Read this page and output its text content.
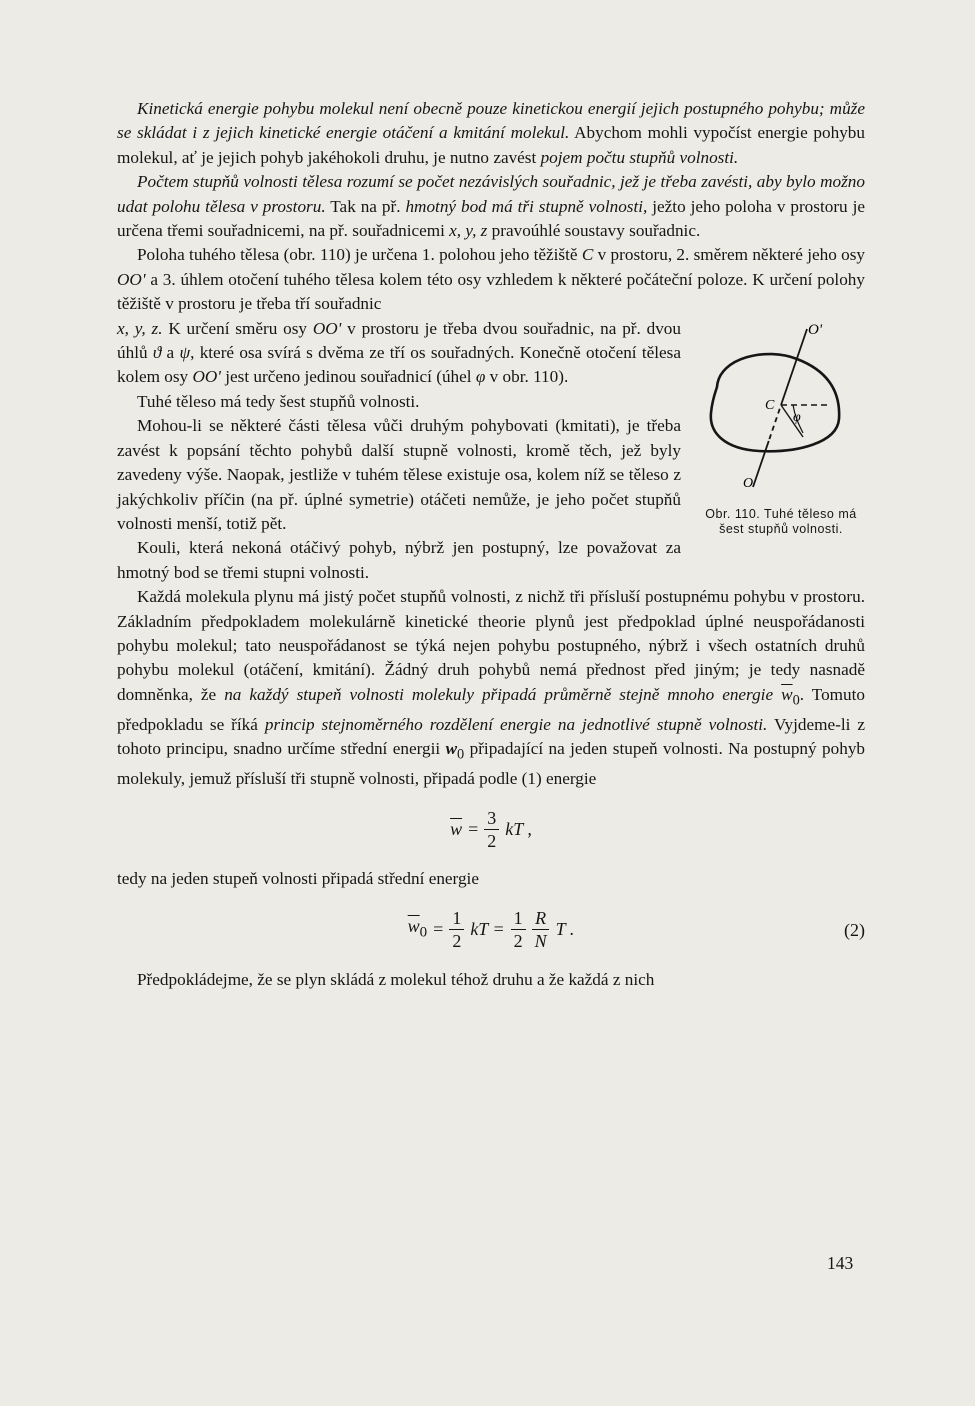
Kinetická energie pohybu molekul není obecně pouze kinetickou energií jejich postupného pohybu; může se skládat i z jejich kinetické energie otáčení a kmitání molekul. Abychom mohli vypočíst energie pohybu molekul, ať je jejich pohyb jakéhokoli druhu, je nutno zavést pojem počtu stupňů volnosti.

Počtem stupňů volnosti tělesa rozumí se počet nezávislých souřadnic, jež je třeba zavésti, aby bylo možno udat polohu tělesa v prostoru. Tak na př. hmotný bod má tři stupně volnosti, ježto jeho poloha v prostoru je určena třemi souřadnicemi, na př. souřadnicemi x, y, z pravoúhlé soustavy souřadnic.

Poloha tuhého tělesa (obr. 110) je určena 1. polohou jeho těžiště C v prostoru, 2. směrem některé jeho osy OO' a 3. úhlem otočení tuhého tělesa kolem této osy vzhledem k některé počáteční poloze. K určení polohy těžiště v prostoru je třeba tří souřadnic

O'
O
C
φ
Obr. 110. Tuhé těleso má šest stupňů volnosti.

x, y, z. K určení směru osy OO' v prostoru je třeba dvou souřadnic, na př. dvou úhlů ϑ a ψ, které osa svírá s dvěma ze tří os souřadných. Konečně otočení tělesa kolem osy OO' jest určeno jedinou souřadnicí (úhel φ v obr. 110).

Tuhé těleso má tedy šest stupňů volnosti.

Mohou-li se některé části tělesa vůči druhým pohybovati (kmitati), je třeba zavést k popsání těchto pohybů další stupně volnosti, kromě těch, jež byly zavedeny výše. Naopak, jestliže v tuhém tělese existuje osa, kolem níž se těleso z jakýchkoliv příčin (na př. úplné symetrie) otáčeti nemůže, je jeho počet stupňů volnosti menší, totiž pět.

Kouli, která nekoná otáčivý pohyb, nýbrž jen postupný, lze považovat za hmotný bod se třemi stupni volnosti.

Každá molekula plynu má jistý počet stupňů volnosti, z nichž tři přísluší postupnému pohybu v prostoru. Základním předpokladem molekulárně kinetické theorie plynů jest předpoklad úplné neuspořádanosti pohybu molekul; tato neuspořádanost se týká nejen pohybu postupného, nýbrž i všech ostatních druhů pohybu molekul (otáčení, kmitání). Žádný druh pohybů nemá přednost před jiným; je tedy nasnadě domněnka, že na každý stupeň volnosti molekuly připadá průměrně stejně mnoho energie $\overline{w}_0$. Tomuto předpokladu se říká princip stejnoměrného rozdělení energie na jednotlivé stupně volnosti. Vyjdeme-li z tohoto principu, snadno určíme střední energii $w_0$ připadající na jeden stupeň volnosti. Na postupný pohyb molekuly, jemuž přísluší tři stupně volnosti, připadá podle (1) energie

$\overline{w} = \frac{3}{2}$ kT ,

tedy na jeden stupeň volnosti připadá střední energie

$\overline{w}_0 = \frac{1}{2}$ kT = $\frac{1}{2} \frac{R}{N}$ T .	(2)

Předpokládejme, že se plyn skládá z molekul téhož druhu a že každá z nich

143
